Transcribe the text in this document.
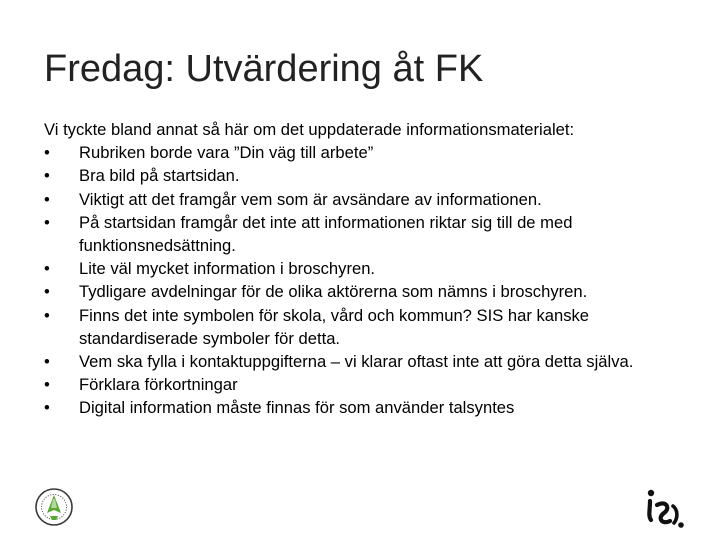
Fredag: Utvärdering åt FK

Vi tyckte bland annat så här om det uppdaterade informationsmaterialet:

•	Rubriken borde vara ”Din väg till arbete”
•	Bra bild på startsidan.
•	Viktigt att det framgår vem som är avsändare av informationen.
•	På startsidan framgår det inte att informationen riktar sig till de med funktionsnedsättning.
•	Lite väl mycket information i broschyren.
•	Tydligare avdelningar för de olika aktörerna som nämns i broschyren.
•	Finns det inte symbolen för skola, vård och kommun? SIS har kanske standardiserade symboler för detta.
•	Vem ska fylla i kontaktuppgifterna – vi klarar oftast inte att göra detta själva.
•	Förklara förkortningar
•	Digital information måste finnas för som använder talsyntes
